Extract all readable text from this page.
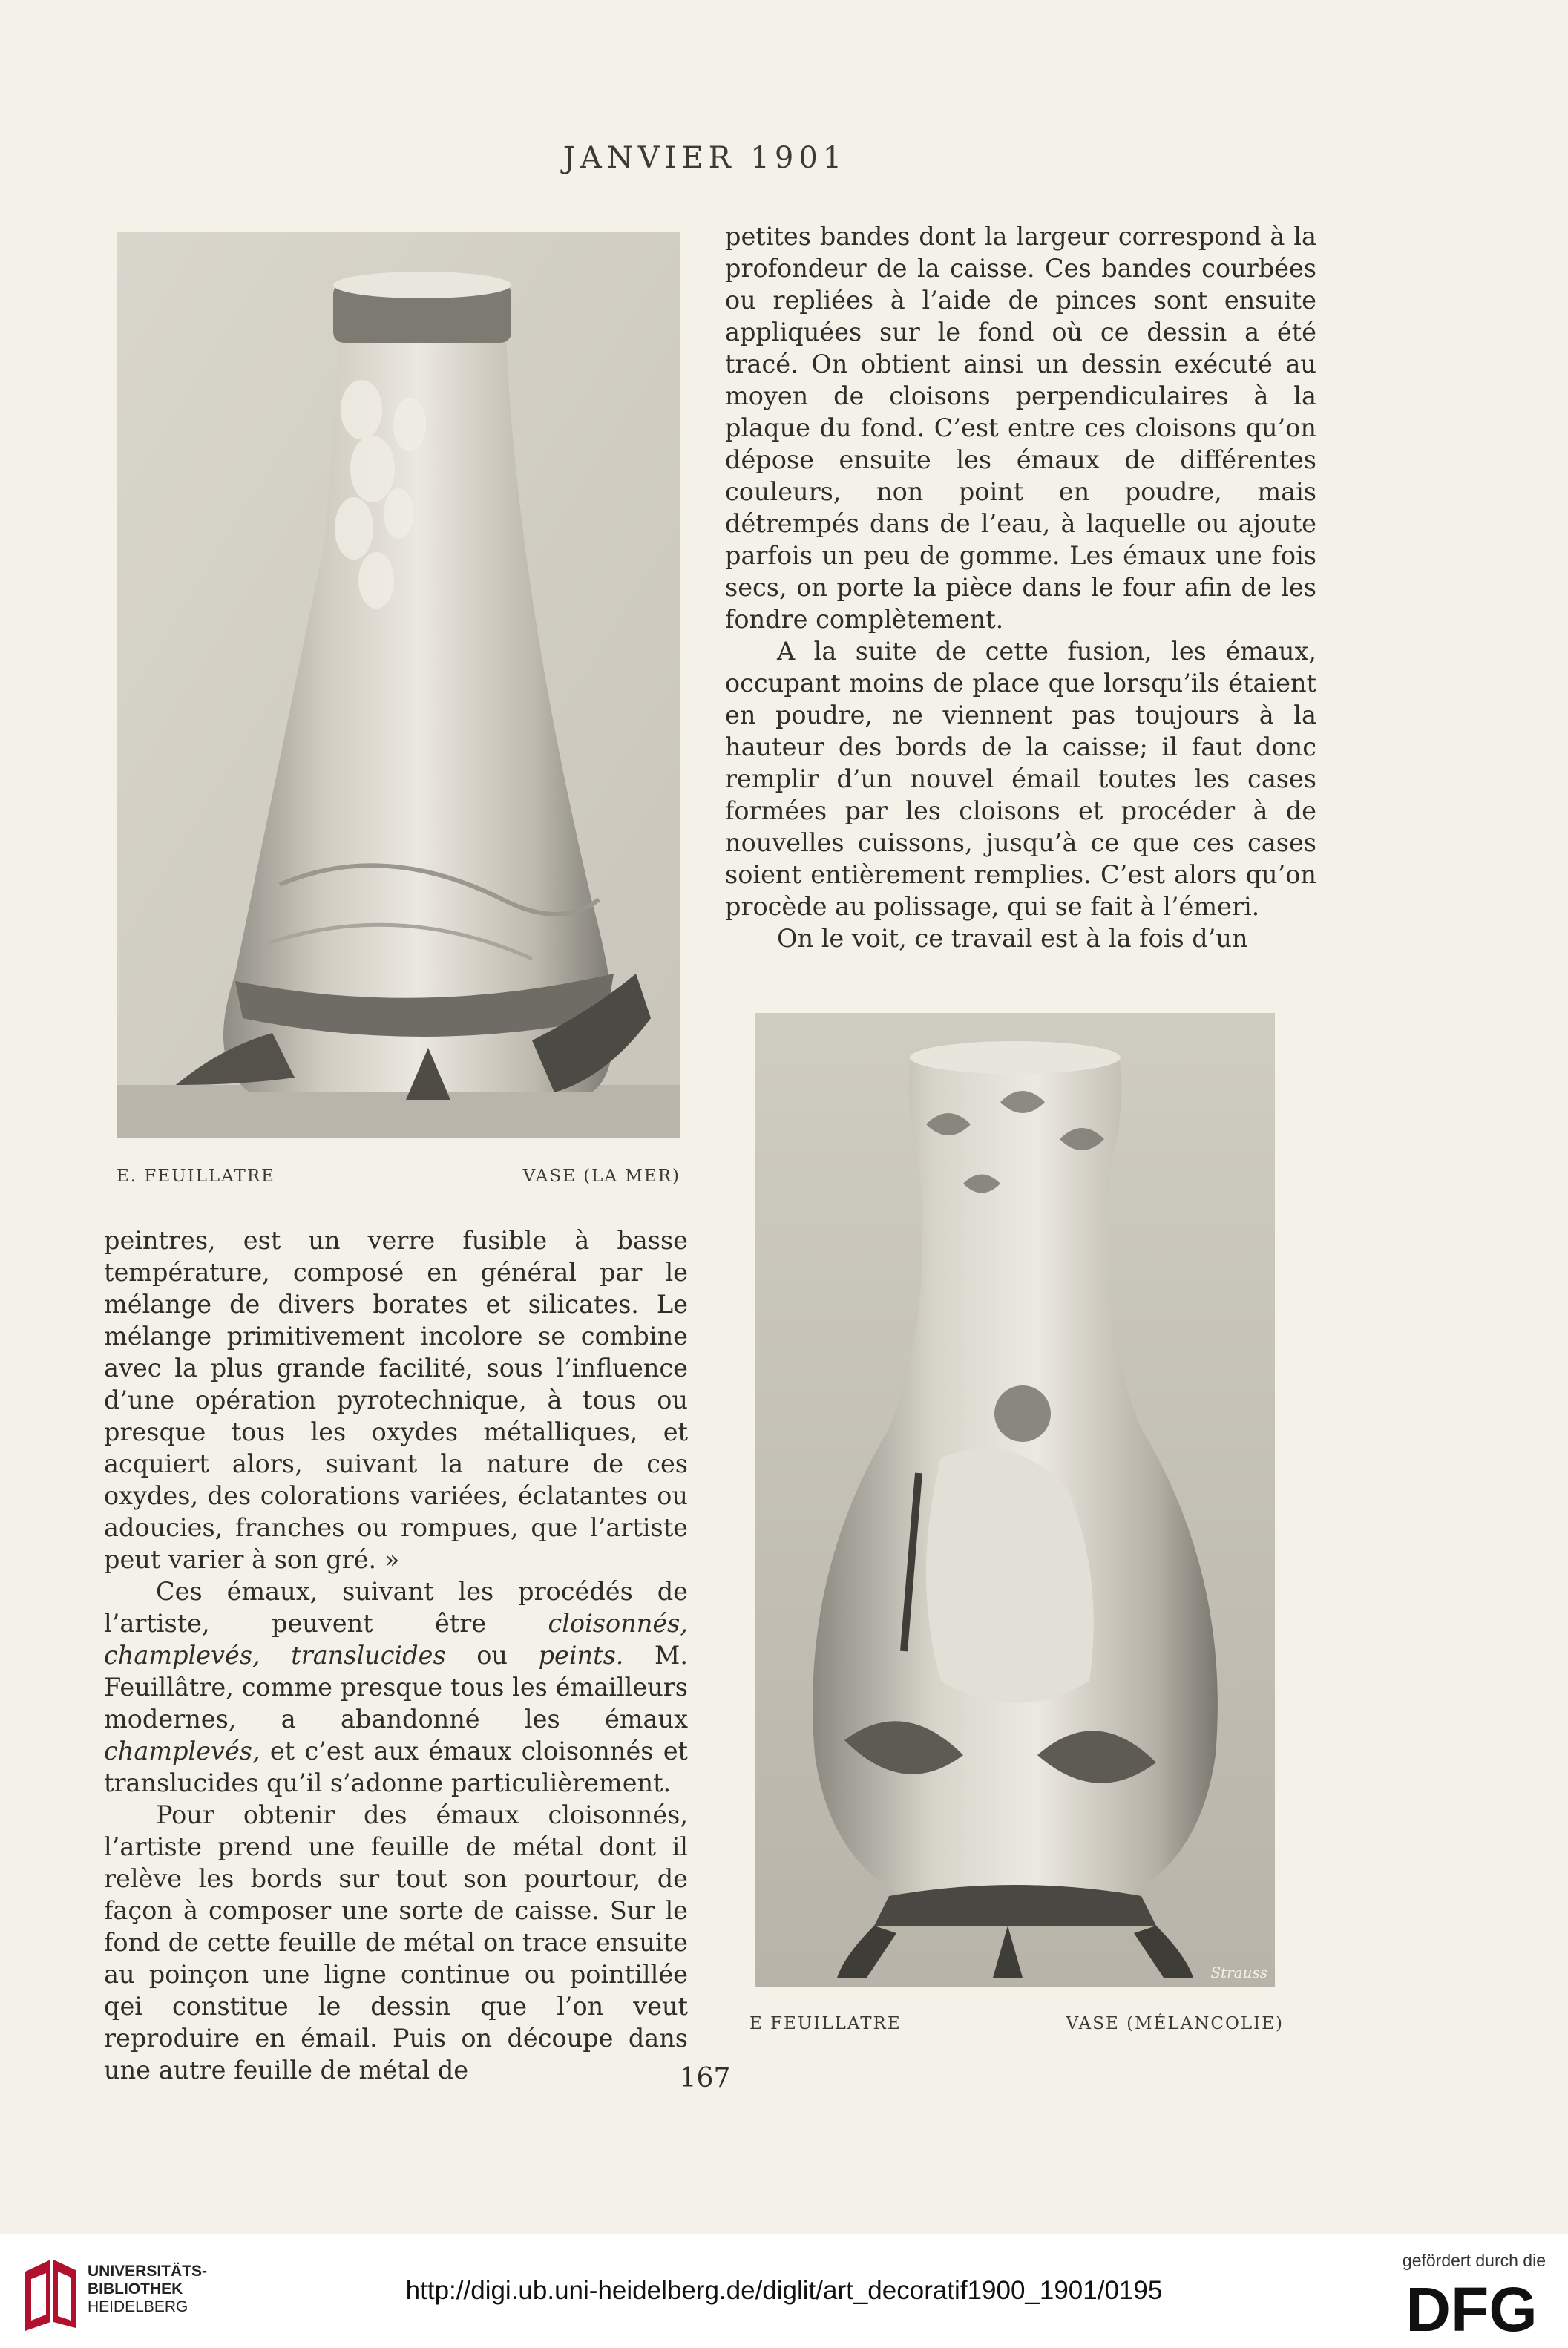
JANVIER 1901
E. FEUILLATRE	VASE (LA MER)

petites bandes dont la largeur correspond à la profondeur de la caisse. Ces bandes courbées ou repliées à l’aide de pinces sont ensuite appliquées sur le fond où ce dessin a été tracé. On obtient ainsi un dessin exécuté au moyen de cloisons perpendiculaires à la plaque du fond. C’est entre ces cloisons qu’on dépose ensuite les émaux de différentes couleurs, non point en poudre, mais détrempés dans de l’eau, à laquelle ou ajoute parfois un peu de gomme. Les émaux une fois secs, on porte la pièce dans le four afin de les fondre complètement.

A la suite de cette fusion, les émaux, occupant moins de place que lorsqu’ils étaient en poudre, ne viennent pas toujours à la hauteur des bords de la caisse; il faut donc remplir d’un nouvel émail toutes les cases formées par les cloisons et procéder à de nouvelles cuissons, jusqu’à ce que ces cases soient entièrement remplies. C’est alors qu’on procède au polissage, qui se fait à l’émeri.

On le voit, ce travail est à la fois d’un

Strauss
E FEUILLATRE	VASE (MÉLANCOLIE)

peintres, est un verre fusible à basse température, composé en général par le mélange de divers borates et silicates. Le mélange primitivement incolore se combine avec la plus grande facilité, sous l’influence d’une opération pyrotechnique, à tous ou presque tous les oxydes métalliques, et acquiert alors, suivant la nature de ces oxydes, des colorations variées, éclatantes ou adoucies, franches ou rompues, que l’artiste peut varier à son gré. »

Ces émaux, suivant les procédés de l’artiste, peuvent être cloisonnés, champlevés, translucides ou peints. M. Feuillâtre, comme presque tous les émailleurs modernes, a abandonné les émaux champlevés, et c’est aux émaux cloisonnés et translucides qu’il s’adonne particulièrement.

Pour obtenir des émaux cloisonnés, l’artiste prend une feuille de métal dont il relève les bords sur tout son pourtour, de façon à composer une sorte de caisse. Sur le fond de cette feuille de métal on trace ensuite au poinçon une ligne continue ou pointillée qei constitue le dessin que l’on veut reproduire en émail. Puis on découpe dans une autre feuille de métal de	167
UNIVERSITÄTS-
BIBLIOTHEK
HEIDELBERG
http://digi.ub.uni-heidelberg.de/diglit/art_decoratif1900_1901/0195
gefördert durch die
DFG
